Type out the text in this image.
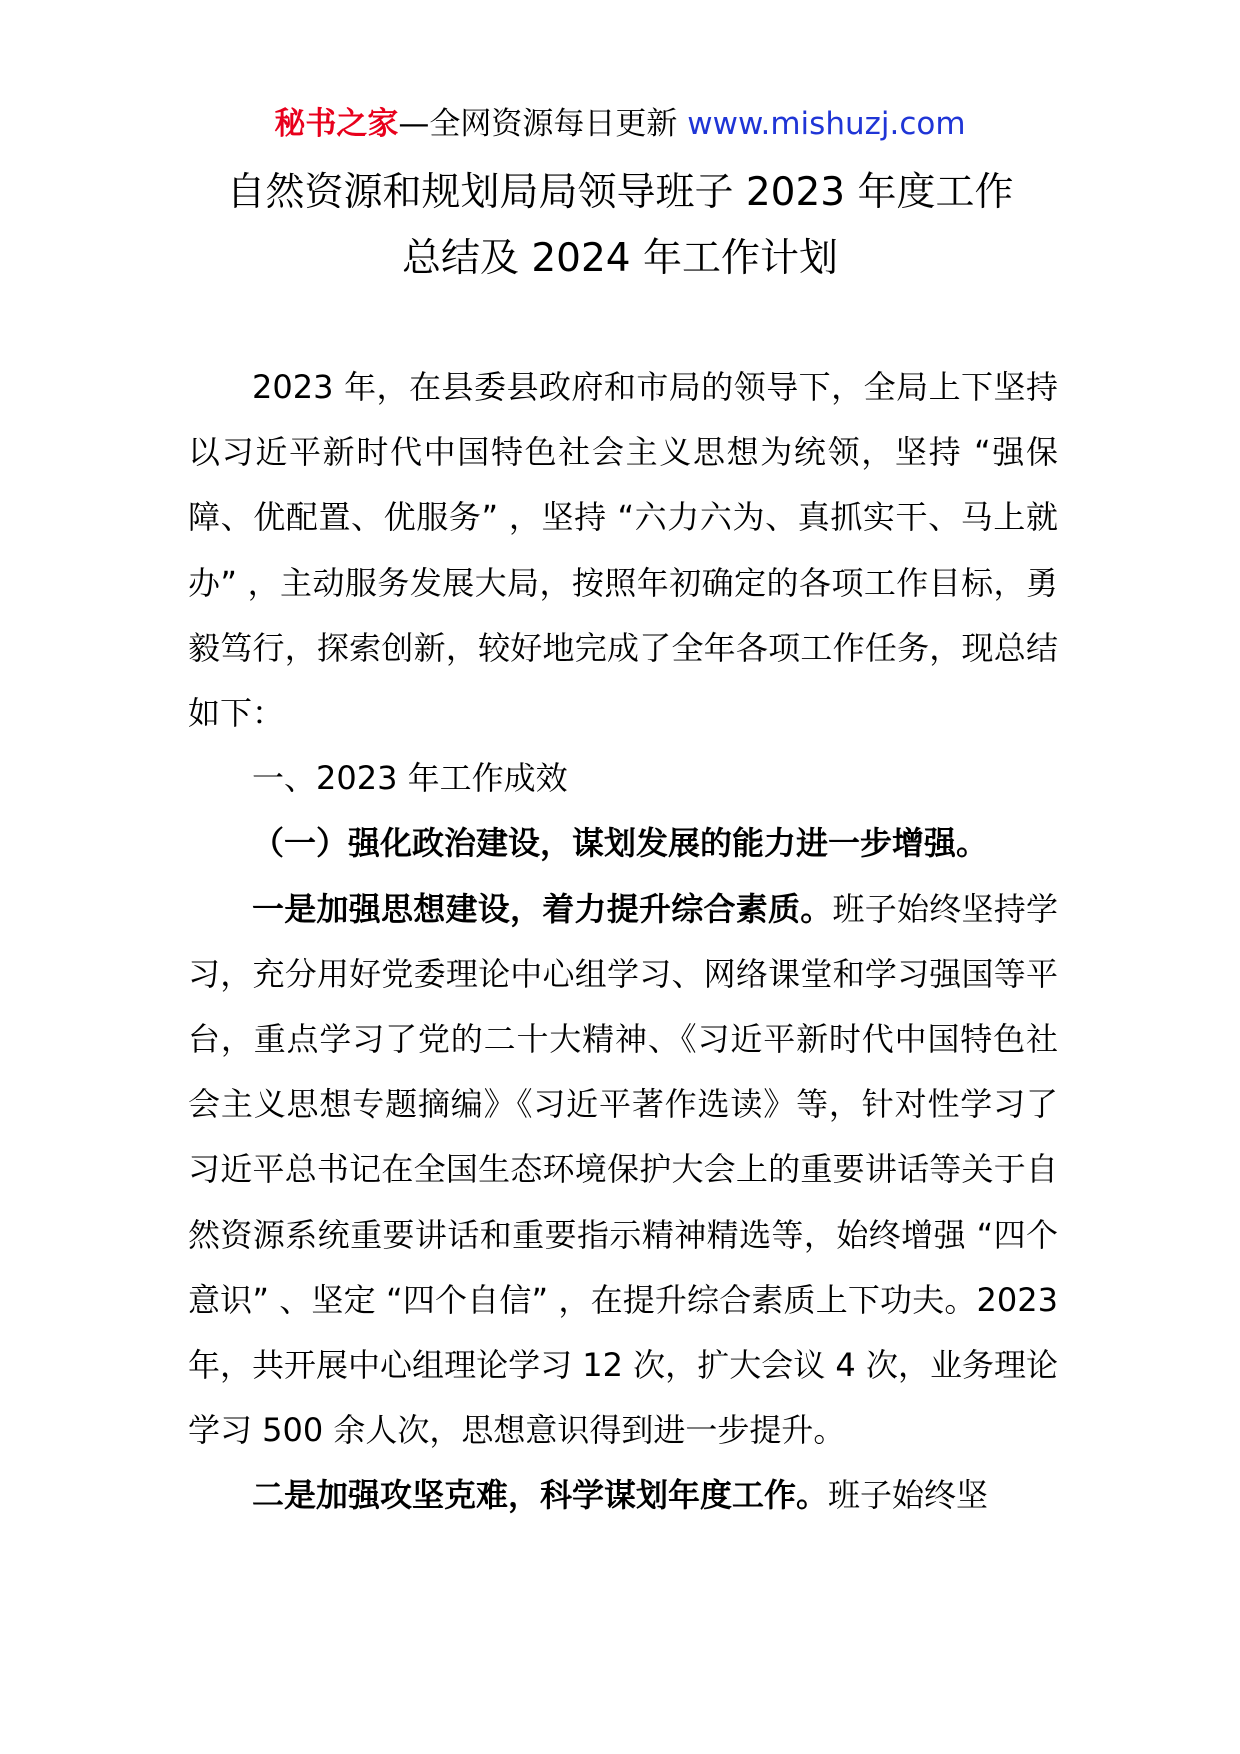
秘书之家—全网资源每日更新 www.mishuzj.com
自然资源和规划局局领导班子 2023 年度工作
总结及 2024 年工作计划

2023 年，在县委县政府和市局的领导下，全局上下坚持以习近平新时代中国特色社会主义思想为统领，坚持 “强保障、优配置、优服务” ，坚持 “六力六为、真抓实干、马上就办” ，主动服务发展大局，按照年初确定的各项工作目标，勇毅笃行，探索创新，较好地完成了全年各项工作任务，现总结如下：

一、2023 年工作成效

（一）强化政治建设，谋划发展的能力进一步增强。

一是加强思想建设，着力提升综合素质。班子始终坚持学习，充分用好党委理论中心组学习、网络课堂和学习强国等平台，重点学习了党的二十大精神、《习近平新时代中国特色社会主义思想专题摘编》《习近平著作选读》等，针对性学习了习近平总书记在全国生态环境保护大会上的重要讲话等关于自然资源系统重要讲话和重要指示精神精选等，始终增强 “四个意识” 、坚定 “四个自信” ，在提升综合素质上下功夫。2023 年，共开展中心组理论学习 12 次，扩大会议 4 次，业务理论学习 500 余人次，思想意识得到进一步提升。

二是加强攻坚克难，科学谋划年度工作。班子始终坚
